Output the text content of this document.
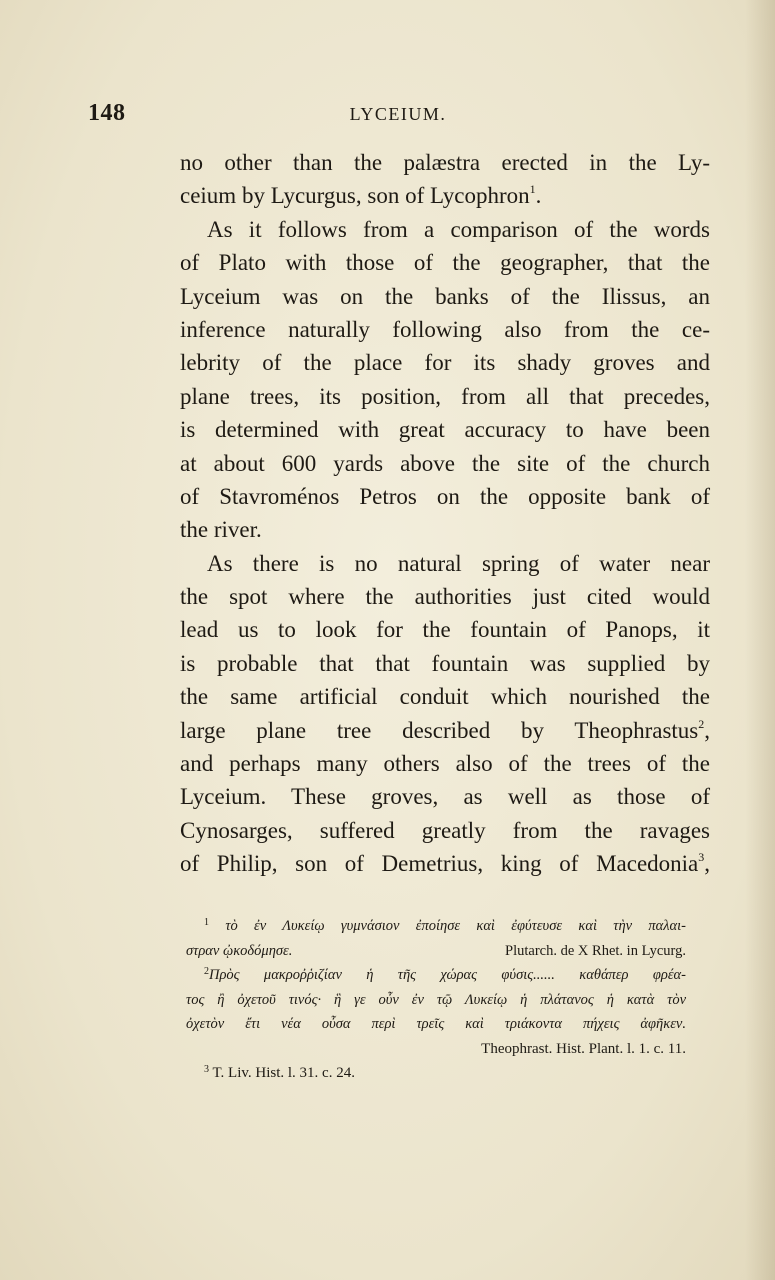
148	LYCEIUM.
no other than the palæstra erected in the Ly-
ceium by Lycurgus, son of Lycophron$^1$.
As it follows from a comparison of the words
of Plato with those of the geographer, that the
Lyceium was on the banks of the Ilissus, an
inference naturally following also from the ce-
lebrity of the place for its shady groves and
plane trees, its position, from all that precedes,
is determined with great accuracy to have been
at about 600 yards above the site of the church
of Stavroménos Petros on the opposite bank of
the river.
As there is no natural spring of water near
the spot where the authorities just cited would
lead us to look for the fountain of Panops, it
is probable that that fountain was supplied by
the same artificial conduit which nourished the
large plane tree described by Theophrastus$^2$,
and perhaps many others also of the trees of the
Lyceium. These groves, as well as those of
Cynosarges, suffered greatly from the ravages
of Philip, son of Demetrius, king of Macedonia$^3$,
$^1$ τὸ ἐν Λυκείῳ γυμνάσιον ἐποίησε καὶ ἐφύτευσε καὶ τὴν παλαι-
στραν ᾠκοδόμησε.	Plutarch. de X Rhet. in Lycurg.
$^2$Πρὸς μακροῤῥιζίαν ἡ τῆς χώρας φύσις...... καθάπερ φρέα-
τος ἢ ὀχετοῦ τινός· ἣ γε οὖν ἐν τῷ Λυκείῳ ἡ πλάτανος ἡ κατὰ τὸν
ὀχετὸν ἔτι νέα οὖσα περὶ τρεῖς καὶ τριάκοντα πήχεις ἀφῆκεν.
Theophrast. Hist. Plant. l. 1. c. 11.
$^3$ T. Liv. Hist. l. 31. c. 24.
